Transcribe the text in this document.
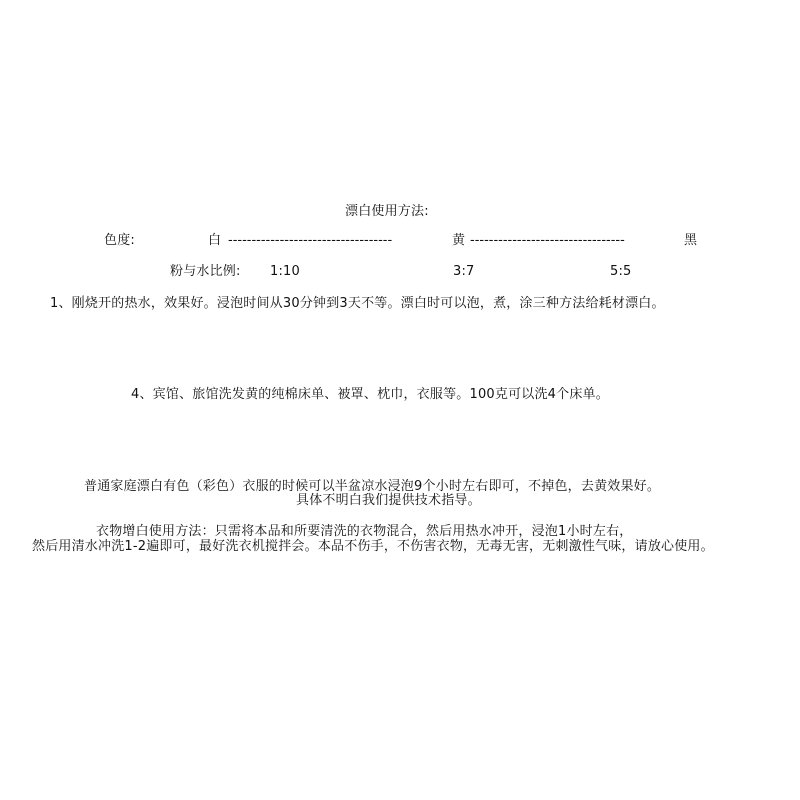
漂白使用方法:
色度:	白 -----------------------------------	黄 ---------------------------------	黑
粉与水比例: 1:10	3:7	5:5
1、刚烧开的热水，效果好。浸泡时间从30分钟到3天不等。漂白时可以泡，煮，涂三种方法给耗材漂白。
4、宾馆、旅馆洗发黄的纯棉床单、被罩、枕巾，衣服等。100克可以洗4个床单。
普通家庭漂白有色（彩色）衣服的时候可以半盆凉水浸泡9个小时左右即可，不掉色，去黄效果好。
具体不明白我们提供技术指导。
衣物增白使用方法：只需将本品和所要清洗的衣物混合，然后用热水冲开，浸泡1小时左右，
然后用清水冲洗1-2遍即可，最好洗衣机搅拌会。本品不伤手，不伤害衣物，无毒无害，无刺激性气味，请放心使用。
